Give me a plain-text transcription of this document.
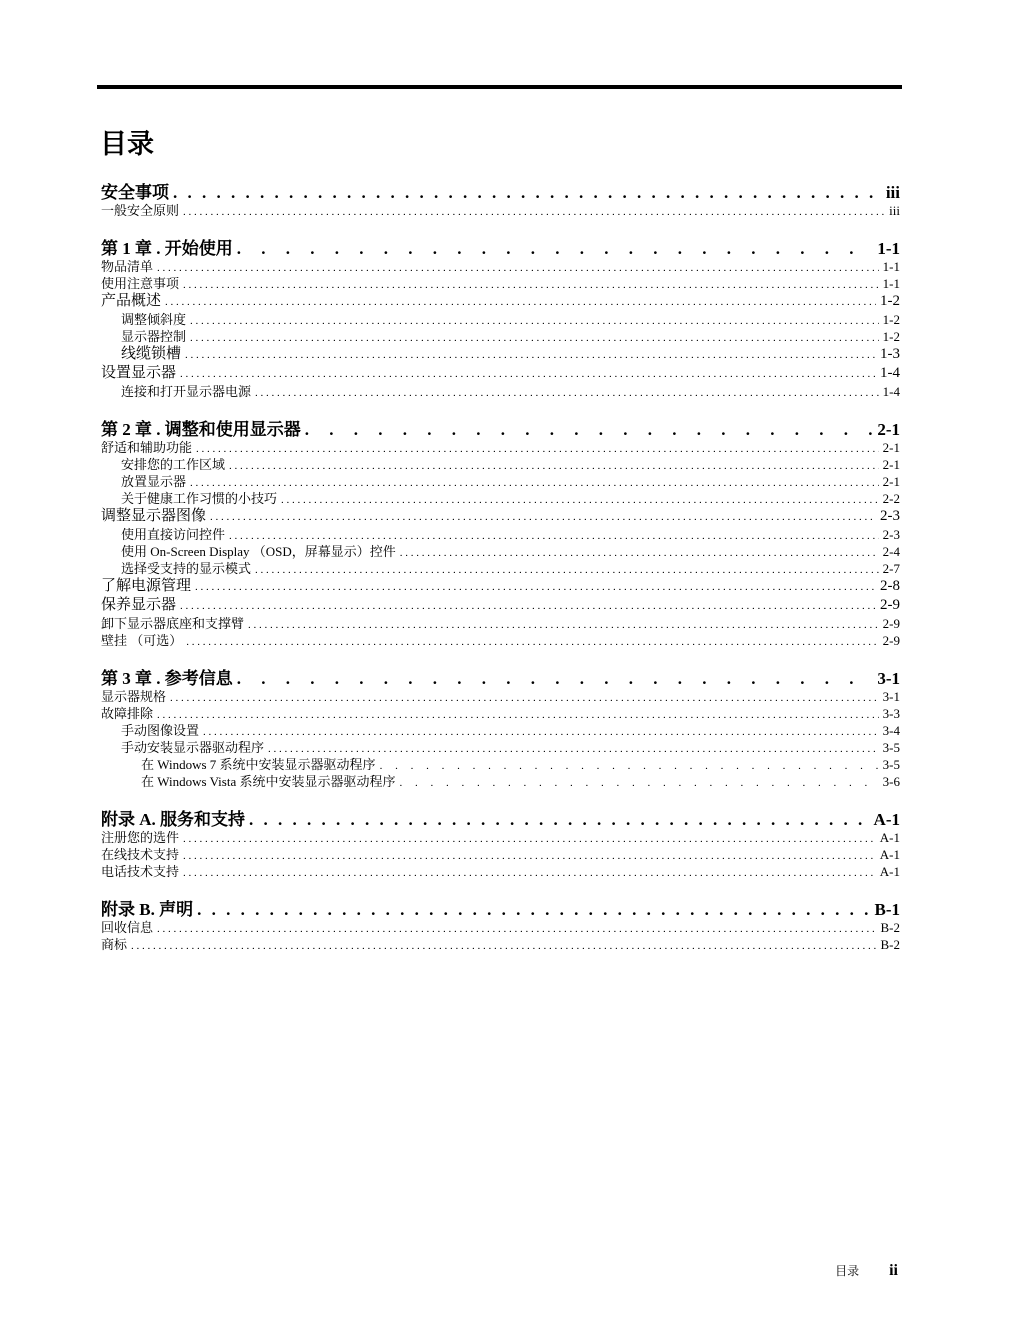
目录
安全事项 . . .	iii
一般安全原则 . . .	iii
第 1 章 . 开始使用 . . .	1-1
物品清单 . . .	1-1
使用注意事项 . . .	1-1
产品概述 . . .	1-2
调整倾斜度 . . .	1-2
显示器控制 . . .	1-2
线缆锁槽 . . .	1-3
设置显示器 . . .	1-4
连接和打开显示器电源 . . .	1-4
第 2 章 . 调整和使用显示器 . . .	2-1
舒适和辅助功能 . . .	2-1
安排您的工作区域 . . .	2-1
放置显示器 . . .	2-1
关于健康工作习惯的小技巧 . . .	2-2
调整显示器图像 . . .	2-3
使用直接访问控件 . . .	2-3
使用 On-Screen Display （OSD，屏幕显示）控件 . . .	2-4
选择受支持的显示模式 . . .	2-7
了解电源管理 . . .	2-8
保养显示器 . . .	2-9
卸下显示器底座和支撑臂 . . .	2-9
壁挂 （可选） . . .	2-9
第 3 章 . 参考信息 . . .	3-1
显示器规格 . . .	3-1
故障排除 . . .	3-3
手动图像设置 . . .	3-4
手动安装显示器驱动程序 . . .	3-5
在 Windows 7 系统中安装显示器驱动程序 . . .	3-5
在 Windows Vista 系统中安装显示器驱动程序 . . .	3-6
附录 A. 服务和支持 . . .	A-1
注册您的选件 . . .	A-1
在线技术支持 . . .	A-1
电话技术支持 . . .	A-1
附录 B. 声明 . . .	B-1
回收信息 . . .	B-2
商标 . . .	B-2
目录 ii
